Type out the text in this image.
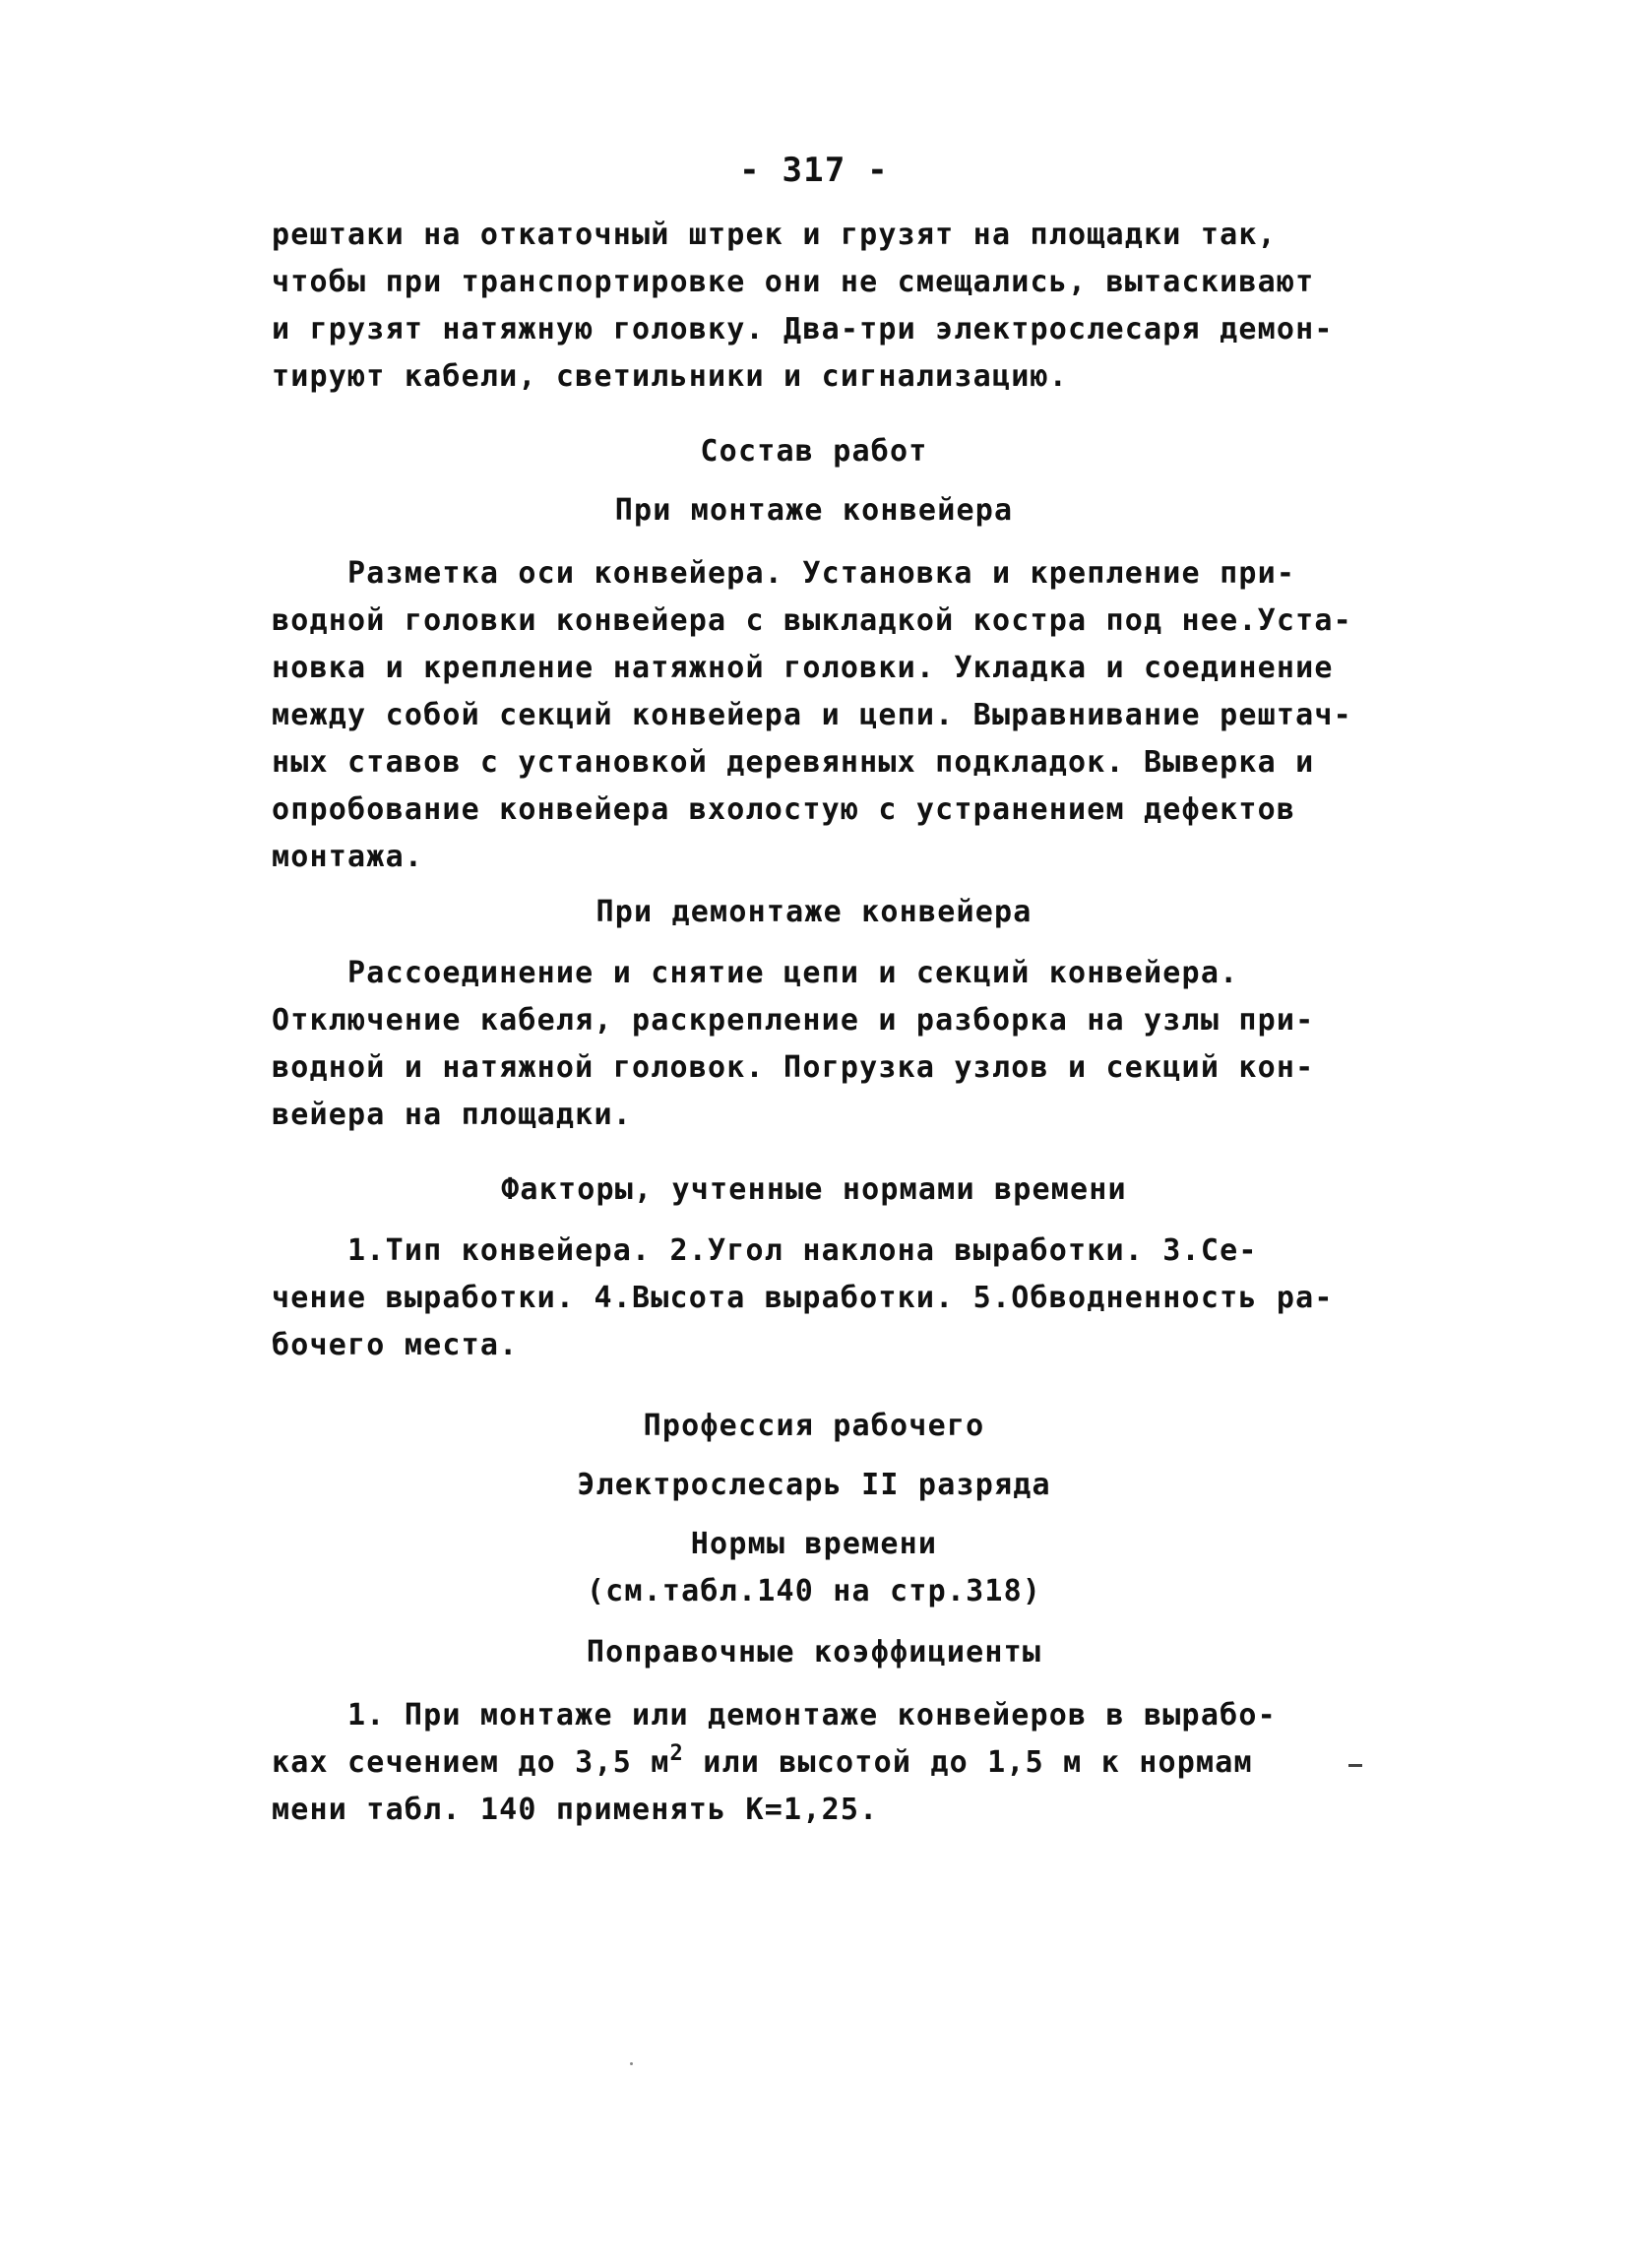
- 317 -
рештаки на откаточный штрек и грузят на площадки так,
чтобы при транспортировке они не смещались, вытаскивают
и грузят натяжную головку. Два-три электрослесаря демон-
тируют кабели, светильники и сигнализацию.
Состав работ
При монтаже конвейера
Разметка оси конвейера. Установка и крепление при-
водной головки конвейера с выкладкой костра под нее.Уста-
новка и крепление натяжной головки. Укладка и соединение
между собой секций конвейера и цепи. Выравнивание рештач-
ных ставов с установкой деревянных подкладок. Выверка и
опробование конвейера вхолостую с устранением дефектов
монтажа.
При демонтаже конвейера
Рассоединение и снятие цепи и секций конвейера.
Отключение кабеля, раскрепление и разборка на узлы при-
водной и натяжной головок. Погрузка узлов и секций кон-
вейера на площадки.
Факторы, учтенные нормами времени
1.Тип конвейера. 2.Угол наклона выработки. 3.Се-
чение выработки. 4.Высота выработки. 5.Обводненность ра-
бочего места.
Профессия рабочего
Электрослесарь II разряда
Нормы времени
(см.табл.140 на стр.318)
Поправочные коэффициенты
1. При монтаже или демонтаже конвейеров в вырабо-
ках сечением до 3,5 $м^2$ или высотой до 1,5 м к нормам
мени табл. 140 применять К=1,25.
